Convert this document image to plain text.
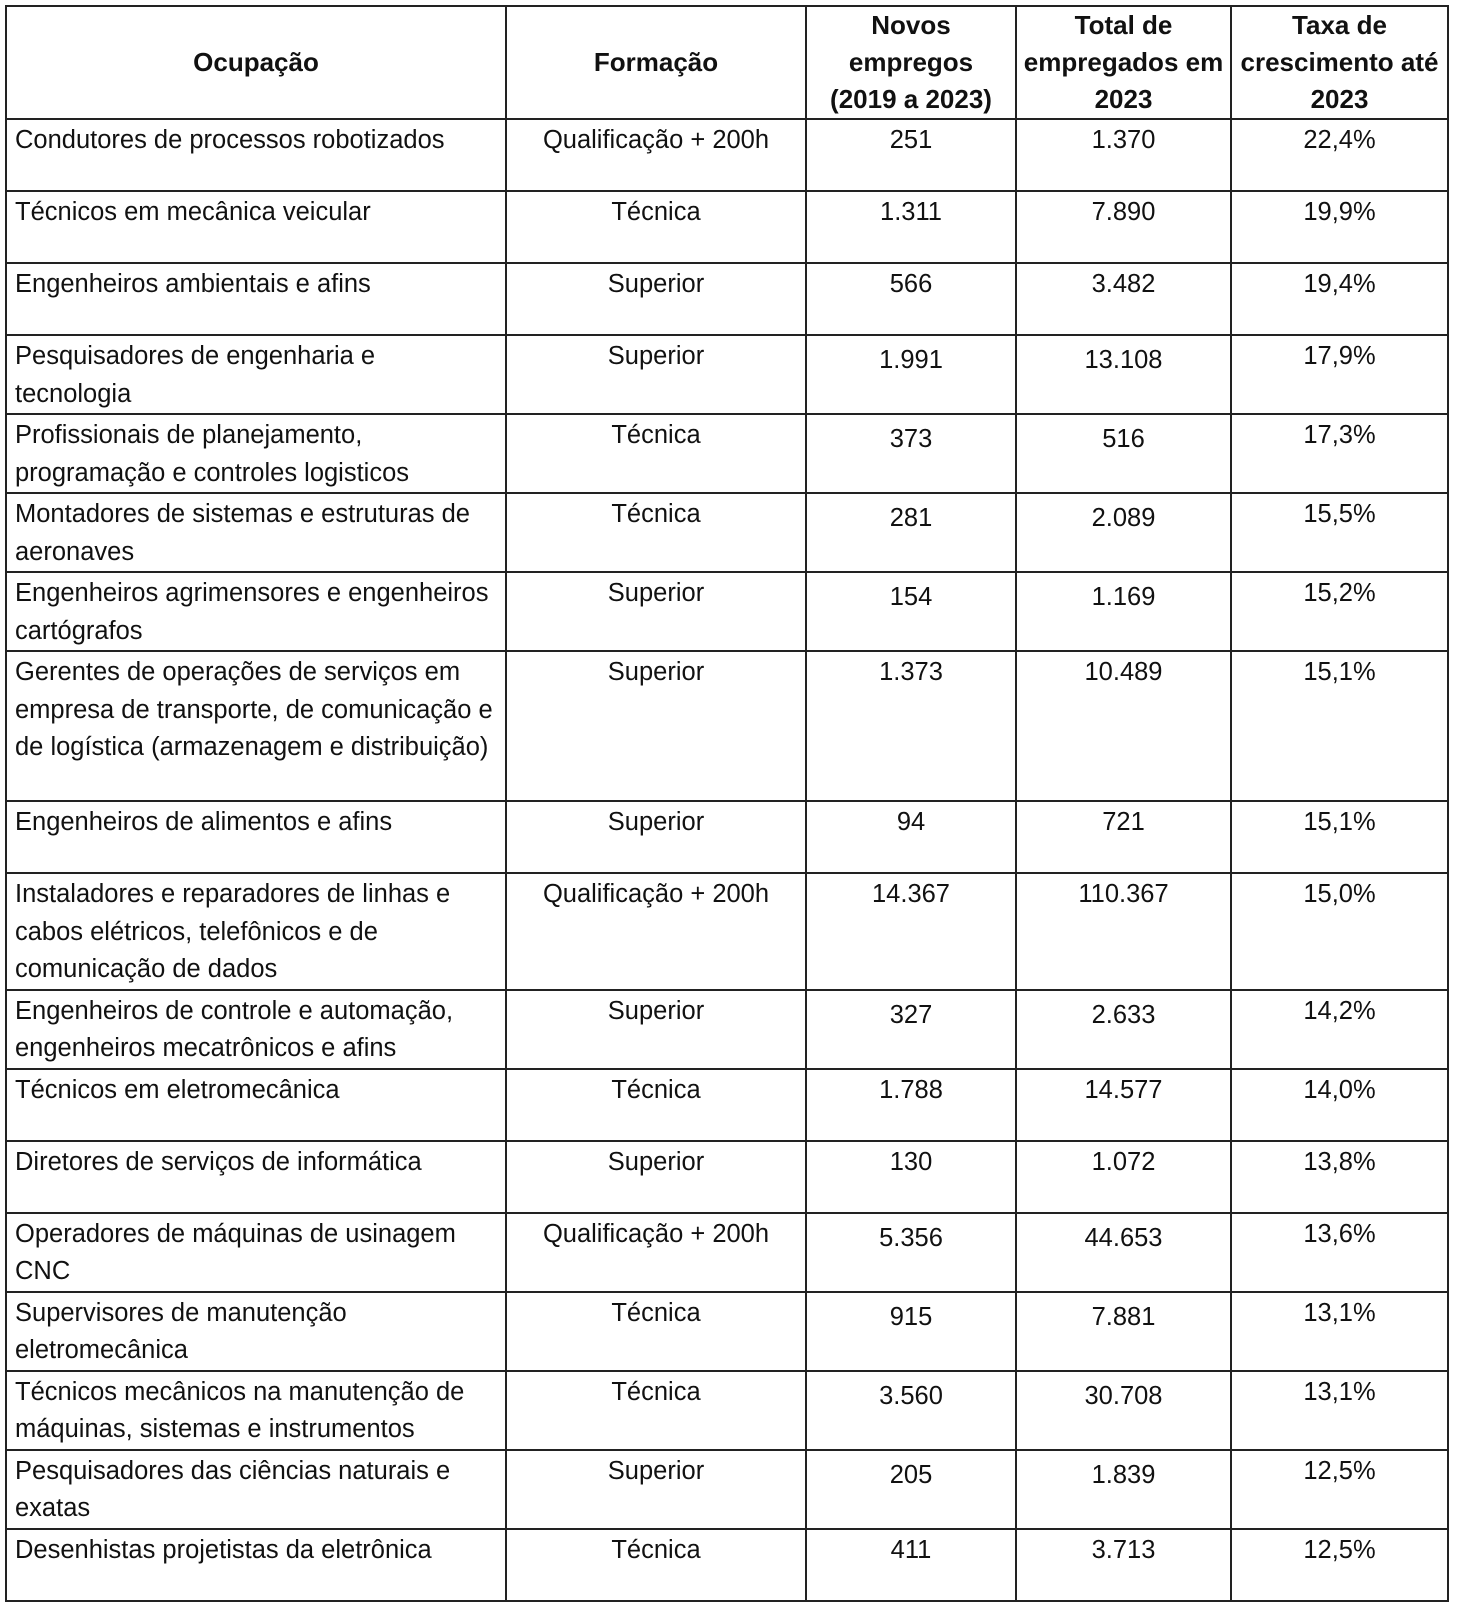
Ocupação	Formação	Novos empregos (2019 a 2023)	Total de empregados em 2023	Taxa de crescimento até 2023
Condutores de processos robotizados	Qualificação + 200h	251	1.370	22,4%
Técnicos em mecânica veicular	Técnica	1.311	7.890	19,9%
Engenheiros ambientais e afins	Superior	566	3.482	19,4%
Pesquisadores de engenharia e tecnologia	Superior	1.991	13.108	17,9%
Profissionais de planejamento, programação e controles logisticos	Técnica	373	516	17,3%
Montadores de sistemas e estruturas de aeronaves	Técnica	281	2.089	15,5%
Engenheiros agrimensores e engenheiros cartógrafos	Superior	154	1.169	15,2%
Gerentes de operações de serviços em empresa de transporte, de comunicação e de logística (armazenagem e distribuição)	Superior	1.373	10.489	15,1%
Engenheiros de alimentos e afins	Superior	94	721	15,1%
Instaladores e reparadores de linhas e cabos elétricos, telefônicos e de comunicação de dados	Qualificação + 200h	14.367	110.367	15,0%
Engenheiros de controle e automação, engenheiros mecatrônicos e afins	Superior	327	2.633	14,2%
Técnicos em eletromecânica	Técnica	1.788	14.577	14,0%
Diretores de serviços de informática	Superior	130	1.072	13,8%
Operadores de máquinas de usinagem CNC	Qualificação + 200h	5.356	44.653	13,6%
Supervisores de manutenção eletromecânica	Técnica	915	7.881	13,1%
Técnicos mecânicos na manutenção de máquinas, sistemas e instrumentos	Técnica	3.560	30.708	13,1%
Pesquisadores das ciências naturais e exatas	Superior	205	1.839	12,5%
Desenhistas projetistas da eletrônica	Técnica	411	3.713	12,5%
